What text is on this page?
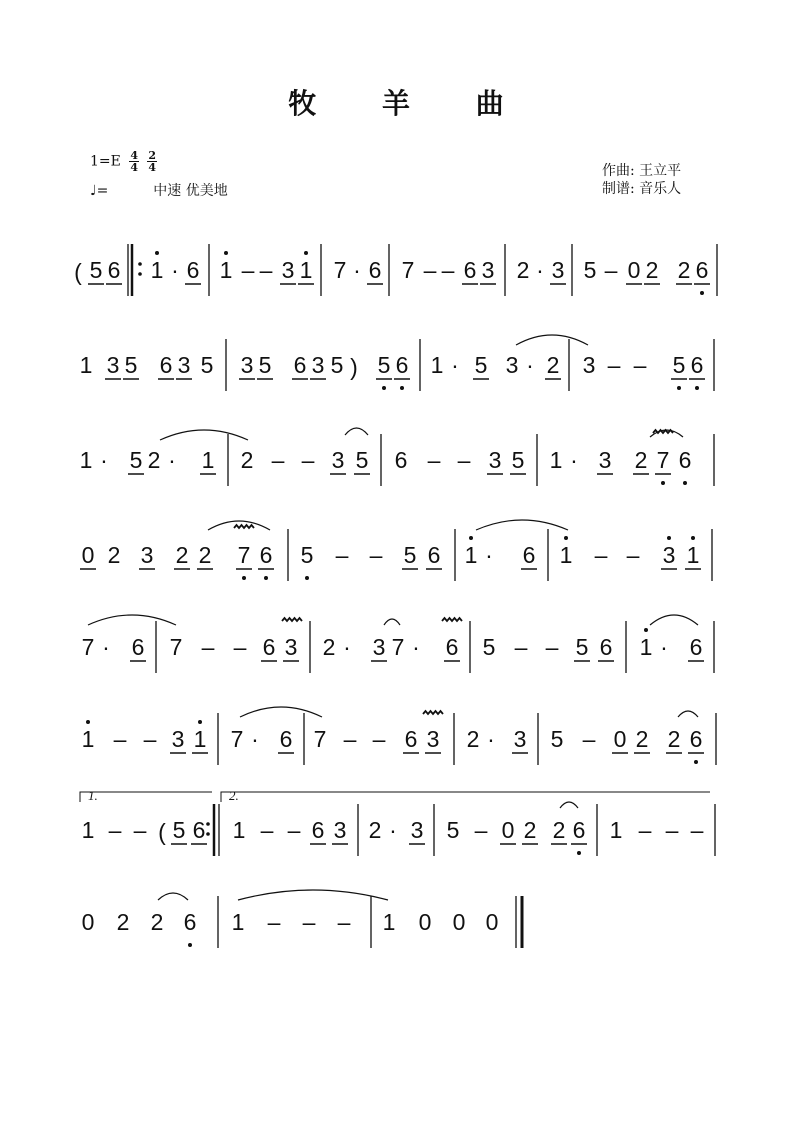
牧 羊 曲
$1=E \frac{4}{4}$
$\frac{2}{4}$
♩=	中速 优美地
作曲: 王立平
制谱: 音乐人
( 5 6 1 · 6 1 – – 3 1 7 · 6 7 – – 6 3 2 · 3 5 – 0 2 2 6
1 3 5 6 3 5 3 5 6 3 5 ) 5 6 1 · 5 3 · 2 3 – – 5 6
1 · 5 2 · 1 2 – – 3 5 6 – – 3 5 1 · 3 2 7 6
0 2 3 2 2 7 6 5 – – 5 6 1 · 6 1 – – 3 1
7 · 6 7 – – 6 3 2 · 3 7 · 6 5 – – 5 6 1 · 6
1 – – 3 1 7 · 6 7 – – 6 3 2 · 3 5 – 0 2 2 6
1 – – ( 5 6 1 – – 6 3 2 · 3 5 – 0 2 2 6 1 – – –
0 2 2 6 1 – – – 1 0 0 0
1.	2.
